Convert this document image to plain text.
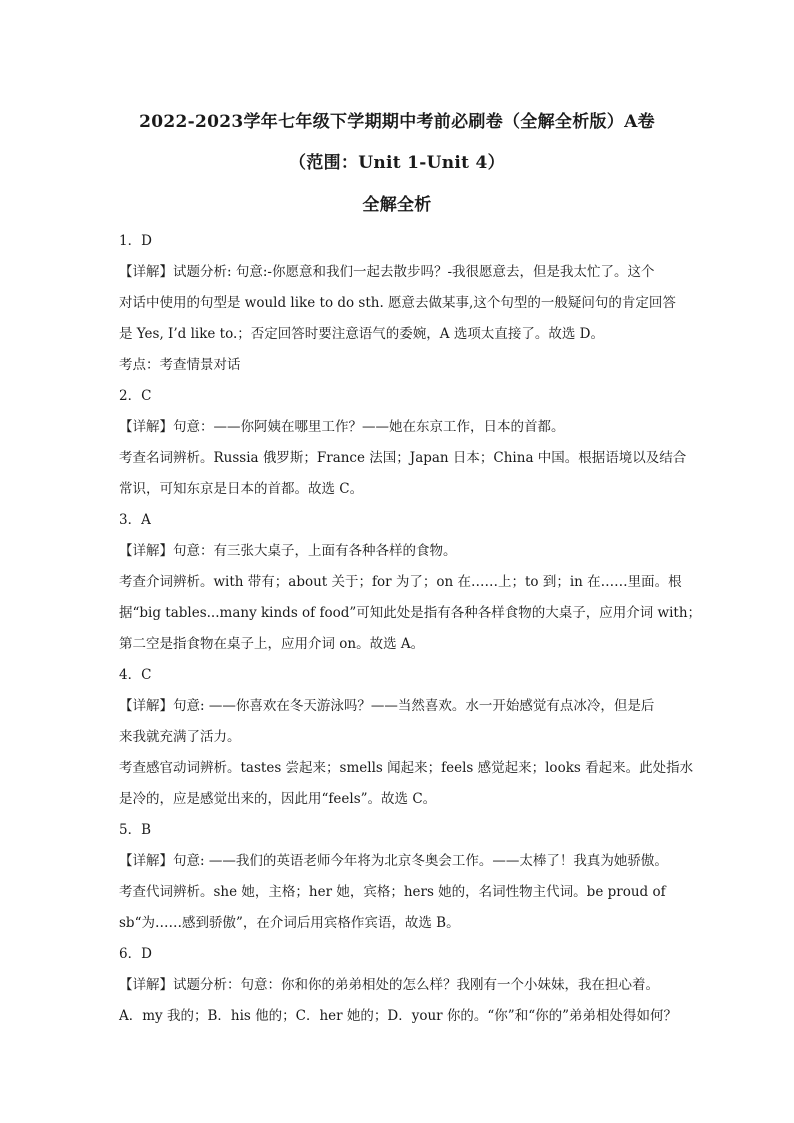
2022-2023学年七年级下学期期中考前必刷卷（全解全析版）A卷
（范围：Unit 1-Unit 4）
全解全析
1．D
【详解】试题分析: 句意:-你愿意和我们一起去散步吗？-我很愿意去，但是我太忙了。这个
对话中使用的句型是 would like to do sth. 愿意去做某事,这个句型的一般疑问句的肯定回答
是 Yes, I’d like to.；否定回答时要注意语气的委婉，A 选项太直接了。故选 D。
考点：考查情景对话
2．C
【详解】句意：——你阿姨在哪里工作？——她在东京工作，日本的首都。
考查名词辨析。Russia 俄罗斯；France 法国；Japan 日本；China 中国。根据语境以及结合
常识，可知东京是日本的首都。故选 C。
3．A
【详解】句意：有三张大桌子，上面有各种各样的食物。
考查介词辨析。with 带有；about 关于；for 为了；on 在……上；to 到；in 在……里面。根
据“big tables...many kinds of food”可知此处是指有各种各样食物的大桌子，应用介词 with；
第二空是指食物在桌子上，应用介词 on。故选 A。
4．C
【详解】句意: ——你喜欢在冬天游泳吗？——当然喜欢。水一开始感觉有点冰冷，但是后
来我就充满了活力。
考查感官动词辨析。tastes 尝起来；smells 闻起来；feels 感觉起来；looks 看起来。此处指水
是冷的，应是感觉出来的，因此用“feels”。故选 C。
5．B
【详解】句意: ——我们的英语老师今年将为北京冬奥会工作。——太棒了！我真为她骄傲。
考查代词辨析。she 她，主格；her 她，宾格；hers 她的，名词性物主代词。be proud of
sb“为……感到骄傲”，在介词后用宾格作宾语，故选 B。
6．D
【详解】试题分析：句意：你和你的弟弟相处的怎么样？我刚有一个小妹妹，我在担心着。
A．my 我的；B．his 他的；C．her 她的；D．your 你的。“你”和“你的”弟弟相处得如何？
